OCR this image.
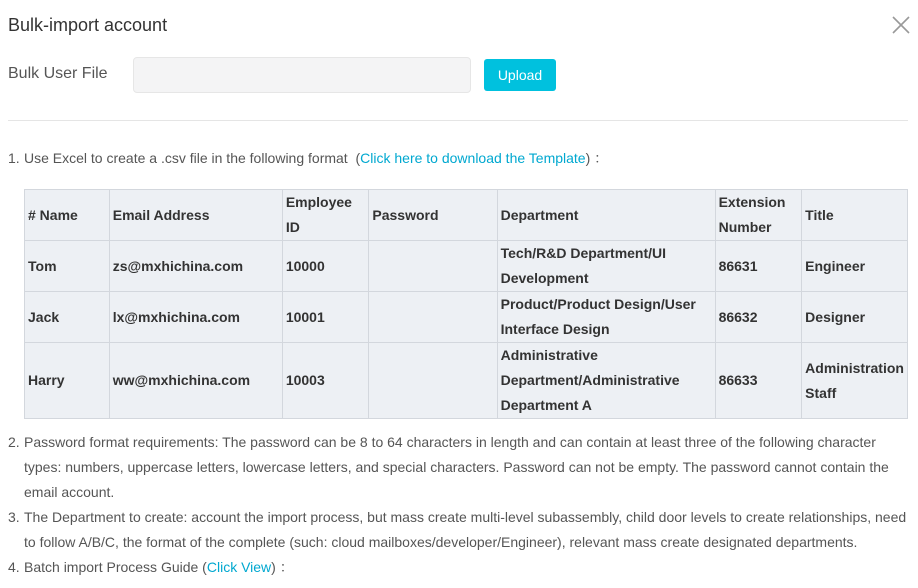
Bulk-import account
Bulk User File	Upload
1. Use Excel to create a .csv file in the following format  (Click here to download the Template) ：
# Name	Email Address	Employee ID	Password	Department	Extension Number	Title
Tom	zs@mxhichina.com	10000		Tech/R&D Department/UI Development	86631	Engineer
Jack	lx@mxhichina.com	10001		Product/Product Design/User Interface Design	86632	Designer
Harry	ww@mxhichina.com	10003		Administrative Department/Administrative Department A	86633	Administration Staff
2. Password format requirements: The password can be 8 to 64 characters in length and can contain at least three of the following character types: numbers, uppercase letters, lowercase letters, and special characters. Password can not be empty. The password cannot contain the email account.
3. The Department to create: account the import process, but mass create multi-level subassembly, child door levels to create relationships, need to follow A/B/C, the format of the complete (such: cloud mailboxes/developer/Engineer), relevant mass create designated departments.
4. Batch import Process Guide (Click View) ：
